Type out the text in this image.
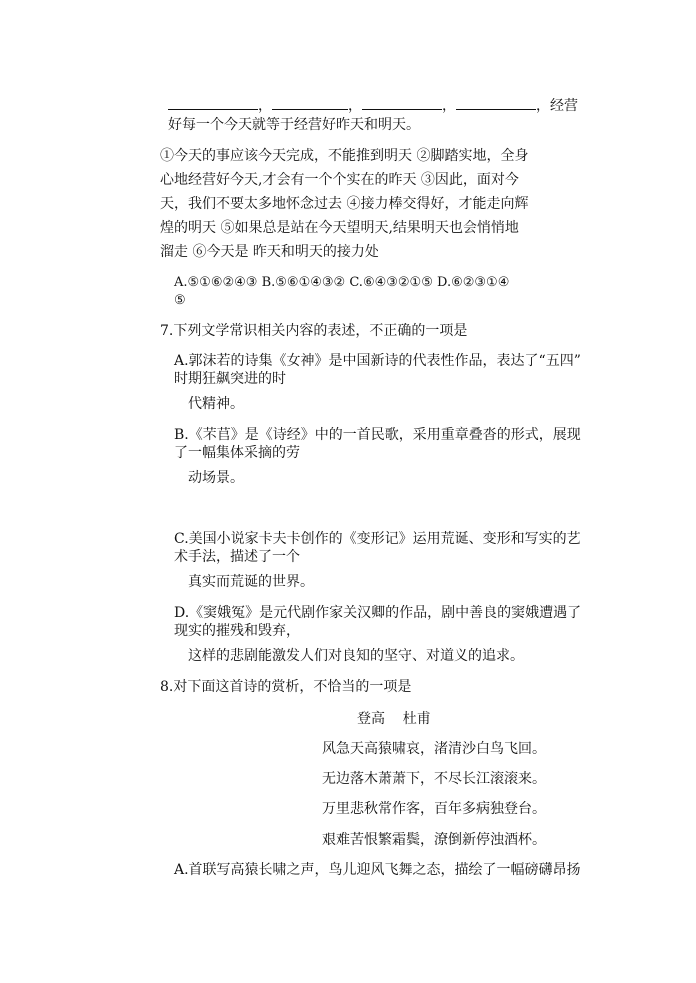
，	，	，	，经营
好每一个今天就等于经营好昨天和明天。
①今天的事应该今天完成，不能推到明天 ②脚踏实地，全身
心地经营好今天,才会有一个个实在的昨天 ③因此，面对今
天，我们不要太多地怀念过去 ④接力棒交得好，才能走向辉
煌的明天 ⑤如果总是站在今天望明天,结果明天也会悄悄地
溜走 ⑥今天是 昨天和明天的接力处
A.⑤①⑥②④③ B.⑤⑥①④③② C.⑥④③②①⑤ D.⑥②③①④
⑤
7.下列文学常识相关内容的表述，不正确的一项是
A.郭沫若的诗集《女神》是中国新诗的代表性作品，表达了“五四”
时期狂飙突进的时
代精神。
B.《芣苢》是《诗经》中的一首民歌，采用重章叠沓的形式，展现
了一幅集体采摘的劳
动场景。
C.美国小说家卡夫卡创作的《变形记》运用荒诞、变形和写实的艺
术手法，描述了一个
真实而荒诞的世界。
D.《窦娥冤》是元代剧作家关汉卿的作品，剧中善良的窦娥遭遇了
现实的摧残和毁弃，
这样的悲剧能激发人们对良知的坚守、对道义的追求。
8.对下面这首诗的赏析，不恰当的一项是
登高    杜甫
风急天高猿啸哀，渚清沙白鸟飞回。
无边落木萧萧下，不尽长江滚滚来。
万里悲秋常作客，百年多病独登台。
艰难苦恨繁霜鬓，潦倒新停浊酒杯。
A.首联写高猿长啸之声，鸟儿迎风飞舞之态，描绘了一幅磅礴昂扬
